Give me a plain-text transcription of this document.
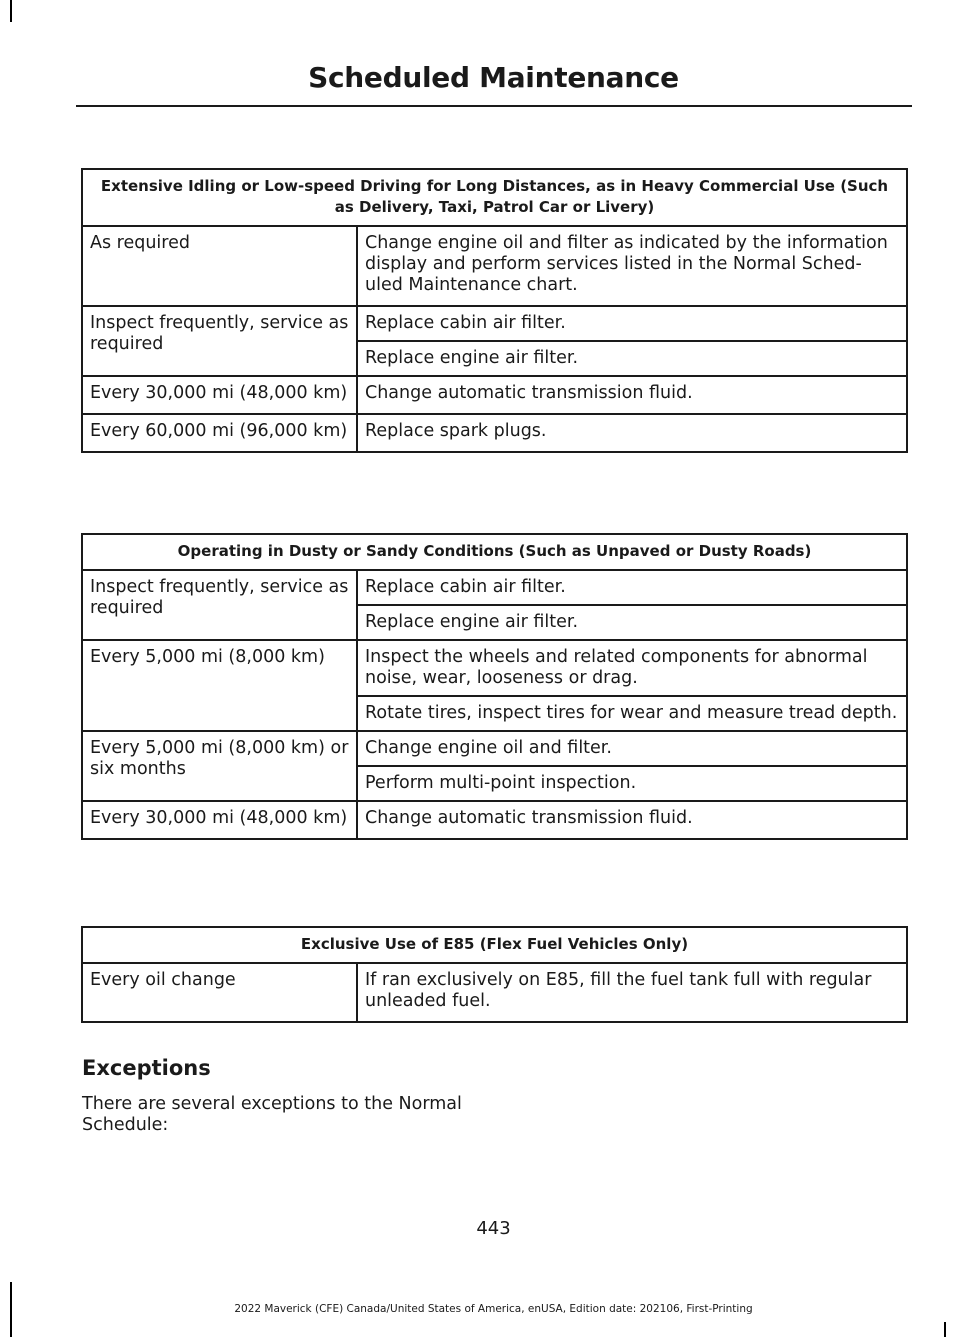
Scheduled Maintenance
Extensive Idling or Low-speed Driving for Long Distances, as in Heavy Commercial Use (Such as Delivery, Taxi, Patrol Car or Livery)	
As required	Change engine oil and filter as indicated by the information display and perform services listed in the Normal Sched-uled Maintenance chart.
Inspect frequently, service as required	Replace cabin air filter.
	Replace engine air filter.
Every 30,000 mi (48,000 km)	Change automatic transmission fluid.
Every 60,000 mi (96,000 km)	Replace spark plugs.
Operating in Dusty or Sandy Conditions (Such as Unpaved or Dusty Roads)	
Inspect frequently, service as required	Replace cabin air filter.
	Replace engine air filter.
Every 5,000 mi (8,000 km)	Inspect the wheels and related components for abnormal noise, wear, looseness or drag.
	Rotate tires, inspect tires for wear and measure tread depth.
Every 5,000 mi (8,000 km) or six months	Change engine oil and filter.
	Perform multi-point inspection.
Every 30,000 mi (48,000 km)	Change automatic transmission fluid.
Exclusive Use of E85 (Flex Fuel Vehicles Only)
Every oil change	If ran exclusively on E85, fill the fuel tank full with regular unleaded fuel.
Exceptions

There are several exceptions to the Normal Schedule:

443
2022 Maverick (CFE) Canada/United States of America, enUSA, Edition date: 202106, First-Printing
